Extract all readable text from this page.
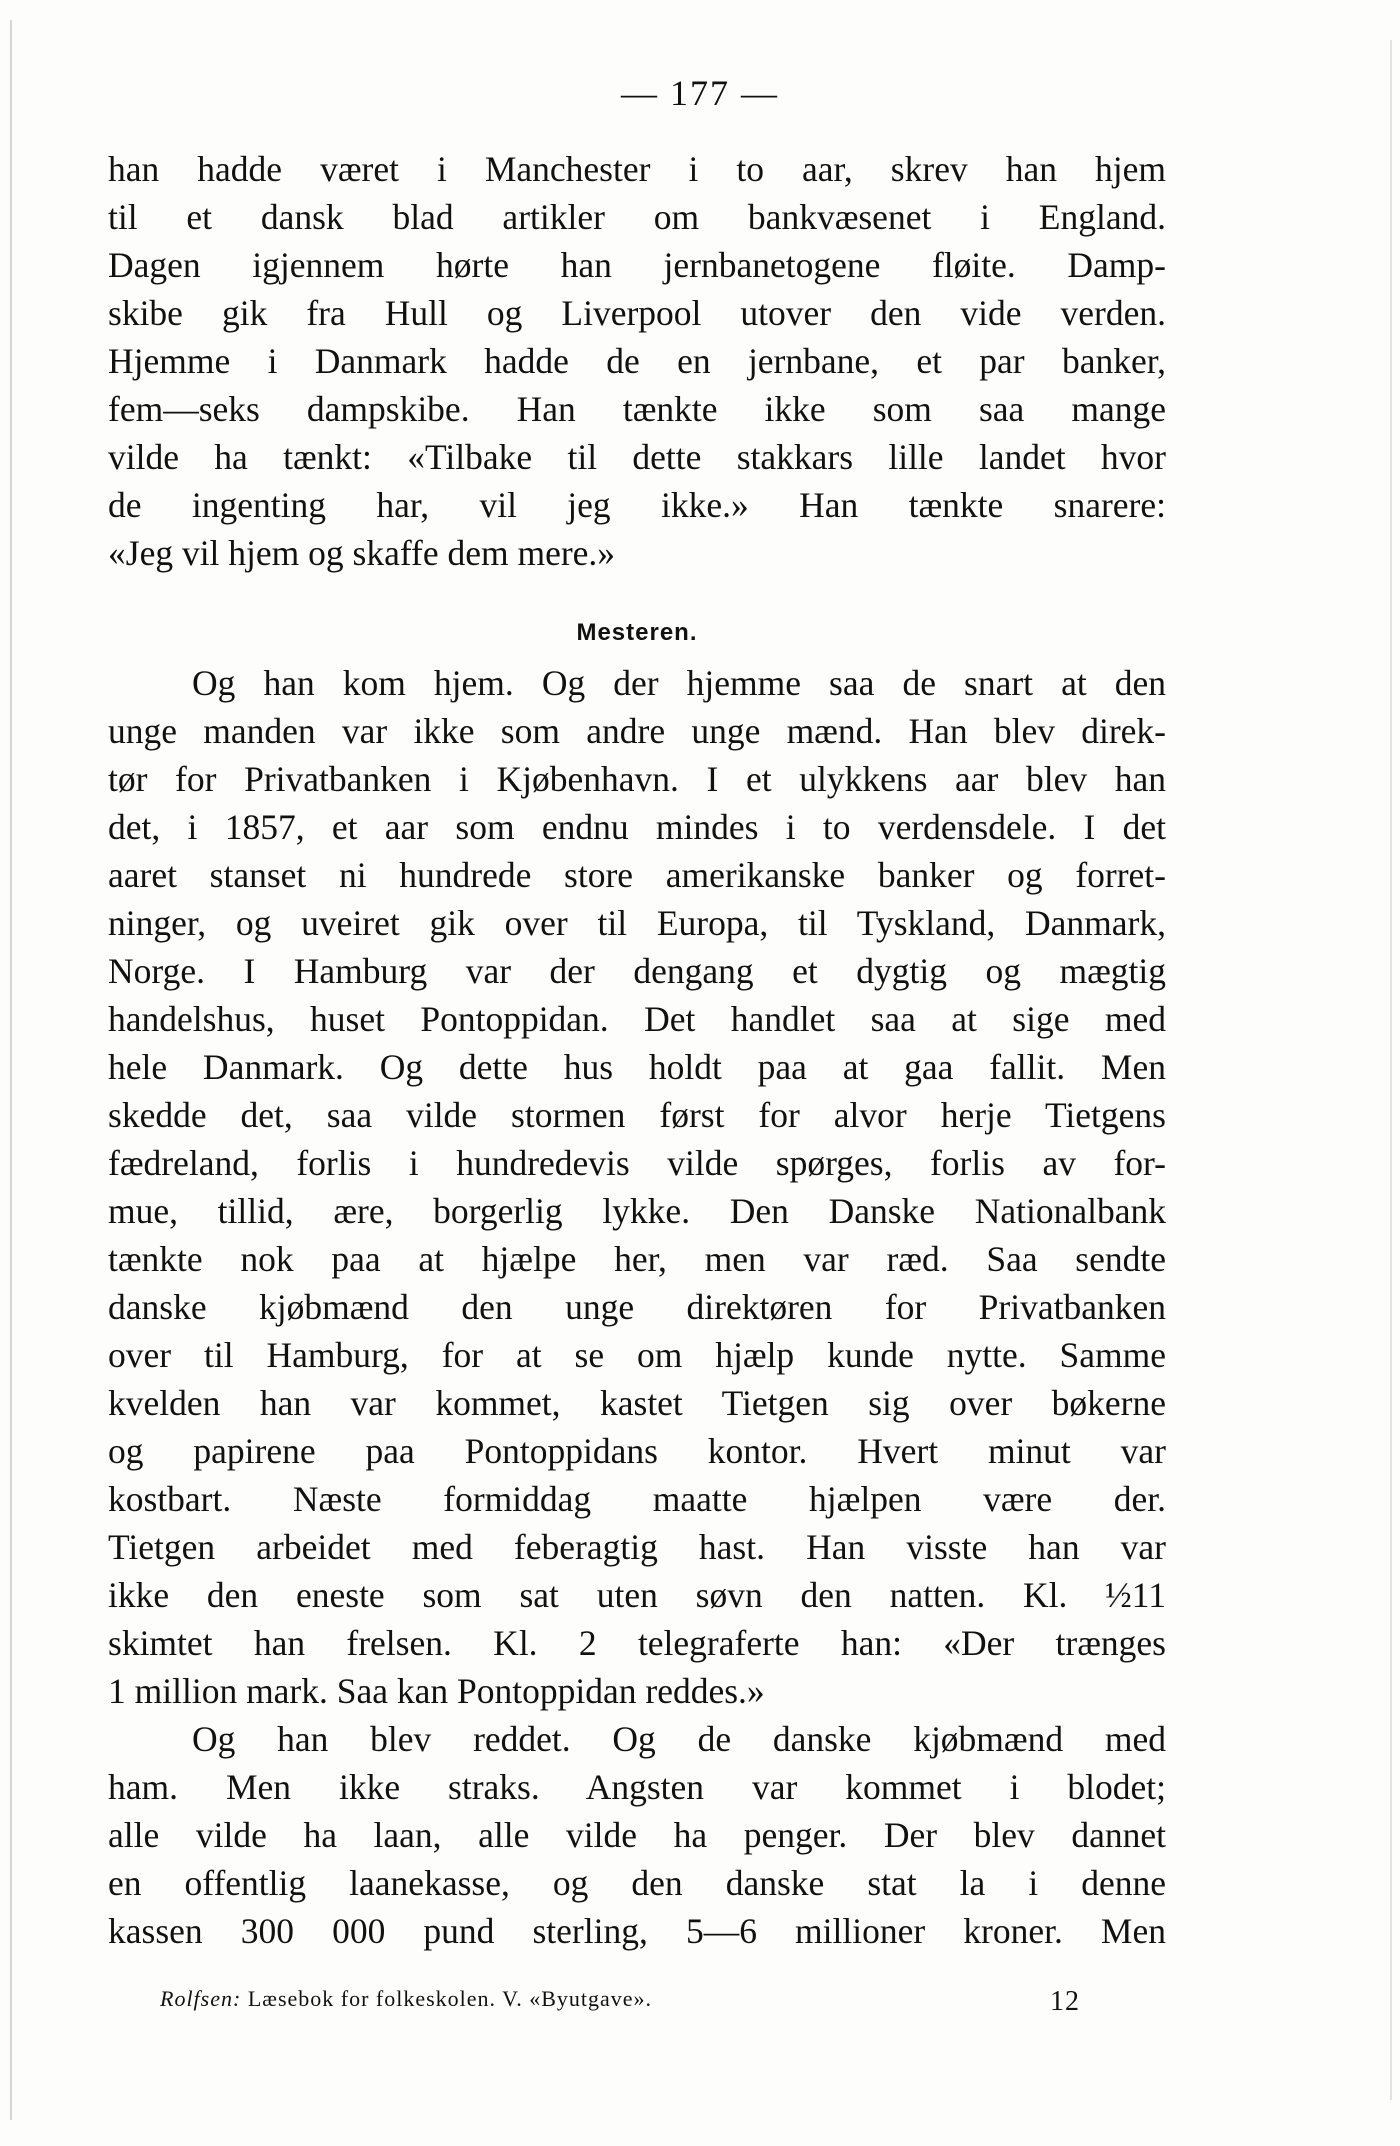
— 177 —
han hadde været i Manchester i to aar, skrev han hjem
til et dansk blad artikler om bankvæsenet i England.
Dagen igjennem hørte han jernbanetogene fløite. Damp-
skibe gik fra Hull og Liverpool utover den vide verden.
Hjemme i Danmark hadde de en jernbane, et par banker,
fem—seks dampskibe. Han tænkte ikke som saa mange
vilde ha tænkt: «Tilbake til dette stakkars lille landet hvor
de ingenting har, vil jeg ikke.» Han tænkte snarere:
«Jeg vil hjem og skaffe dem mere.»
Mesteren.
Og han kom hjem. Og der hjemme saa de snart at den
unge manden var ikke som andre unge mænd. Han blev direk-
tør for Privatbanken i Kjøbenhavn. I et ulykkens aar blev han
det, i 1857, et aar som endnu mindes i to verdensdele. I det
aaret stanset ni hundrede store amerikanske banker og forret-
ninger, og uveiret gik over til Europa, til Tyskland, Danmark,
Norge. I Hamburg var der dengang et dygtig og mægtig
handelshus, huset Pontoppidan. Det handlet saa at sige med
hele Danmark. Og dette hus holdt paa at gaa fallit. Men
skedde det, saa vilde stormen først for alvor herje Tietgens
fædreland, forlis i hundredevis vilde spørges, forlis av for-
mue, tillid, ære, borgerlig lykke. Den Danske Nationalbank
tænkte nok paa at hjælpe her, men var ræd. Saa sendte
danske kjøbmænd den unge direktøren for Privatbanken
over til Hamburg, for at se om hjælp kunde nytte. Samme
kvelden han var kommet, kastet Tietgen sig over bøkerne
og papirene paa Pontoppidans kontor. Hvert minut var
kostbart. Næste formiddag maatte hjælpen være der.
Tietgen arbeidet med feberagtig hast. Han visste han var
ikke den eneste som sat uten søvn den natten. Kl. ½11
skimtet han frelsen. Kl. 2 telegraferte han: «Der trænges
1 million mark. Saa kan Pontoppidan reddes.»
Og han blev reddet. Og de danske kjøbmænd med
ham. Men ikke straks. Angsten var kommet i blodet;
alle vilde ha laan, alle vilde ha penger. Der blev dannet
en offentlig laanekasse, og den danske stat la i denne
kassen 300 000 pund sterling, 5—6 millioner kroner. Men
Rolfsen: Læsebok for folkeskolen. V. «Byutgave».	12
